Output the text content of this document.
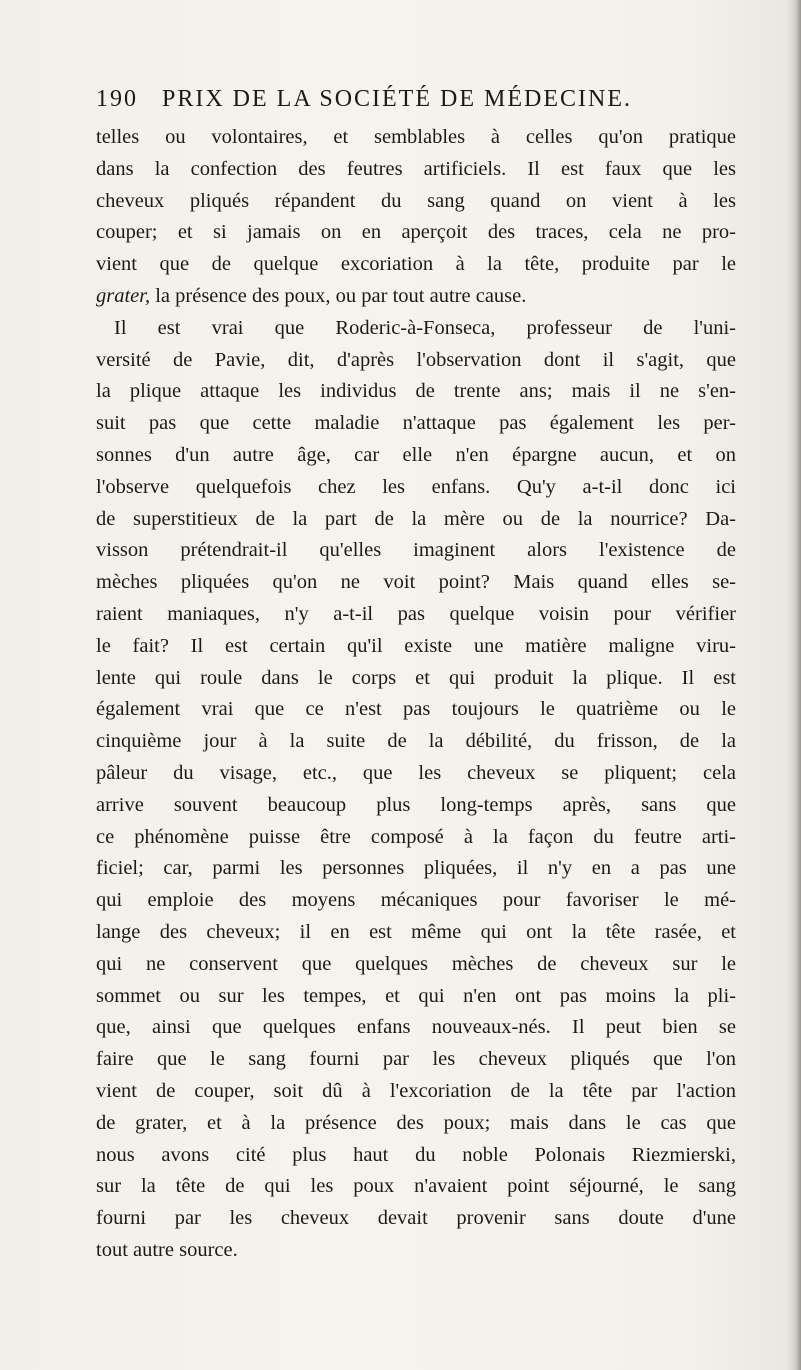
190 PRIX DE LA SOCIÉTÉ DE MÉDECINE.
telles ou volontaires, et semblables à celles qu'on pratique
dans la confection des feutres artificiels. Il est faux que les
cheveux pliqués répandent du sang quand on vient à les
couper; et si jamais on en aperçoit des traces, cela ne pro-
vient que de quelque excoriation à la tête, produite par le
grater, la présence des poux, ou par tout autre cause.
Il est vrai que Roderic-à-Fonseca, professeur de l'uni-
versité de Pavie, dit, d'après l'observation dont il s'agit, que
la plique attaque les individus de trente ans; mais il ne s'en-
suit pas que cette maladie n'attaque pas également les per-
sonnes d'un autre âge, car elle n'en épargne aucun, et on
l'observe quelquefois chez les enfans. Qu'y a-t-il donc ici
de superstitieux de la part de la mère ou de la nourrice? Da-
visson prétendrait-il qu'elles imaginent alors l'existence de
mèches pliquées qu'on ne voit point? Mais quand elles se-
raient maniaques, n'y a-t-il pas quelque voisin pour vérifier
le fait? Il est certain qu'il existe une matière maligne viru-
lente qui roule dans le corps et qui produit la plique. Il est
également vrai que ce n'est pas toujours le quatrième ou le
cinquième jour à la suite de la débilité, du frisson, de la
pâleur du visage, etc., que les cheveux se pliquent; cela
arrive souvent beaucoup plus long-temps après, sans que
ce phénomène puisse être composé à la façon du feutre arti-
ficiel; car, parmi les personnes pliquées, il n'y en a pas une
qui emploie des moyens mécaniques pour favoriser le mé-
lange des cheveux; il en est même qui ont la tête rasée, et
qui ne conservent que quelques mèches de cheveux sur le
sommet ou sur les tempes, et qui n'en ont pas moins la pli-
que, ainsi que quelques enfans nouveaux-nés. Il peut bien se
faire que le sang fourni par les cheveux pliqués que l'on
vient de couper, soit dû à l'excoriation de la tête par l'action
de grater, et à la présence des poux; mais dans le cas que
nous avons cité plus haut du noble Polonais Riezmierski,
sur la tête de qui les poux n'avaient point séjourné, le sang
fourni par les cheveux devait provenir sans doute d'une
tout autre source.
